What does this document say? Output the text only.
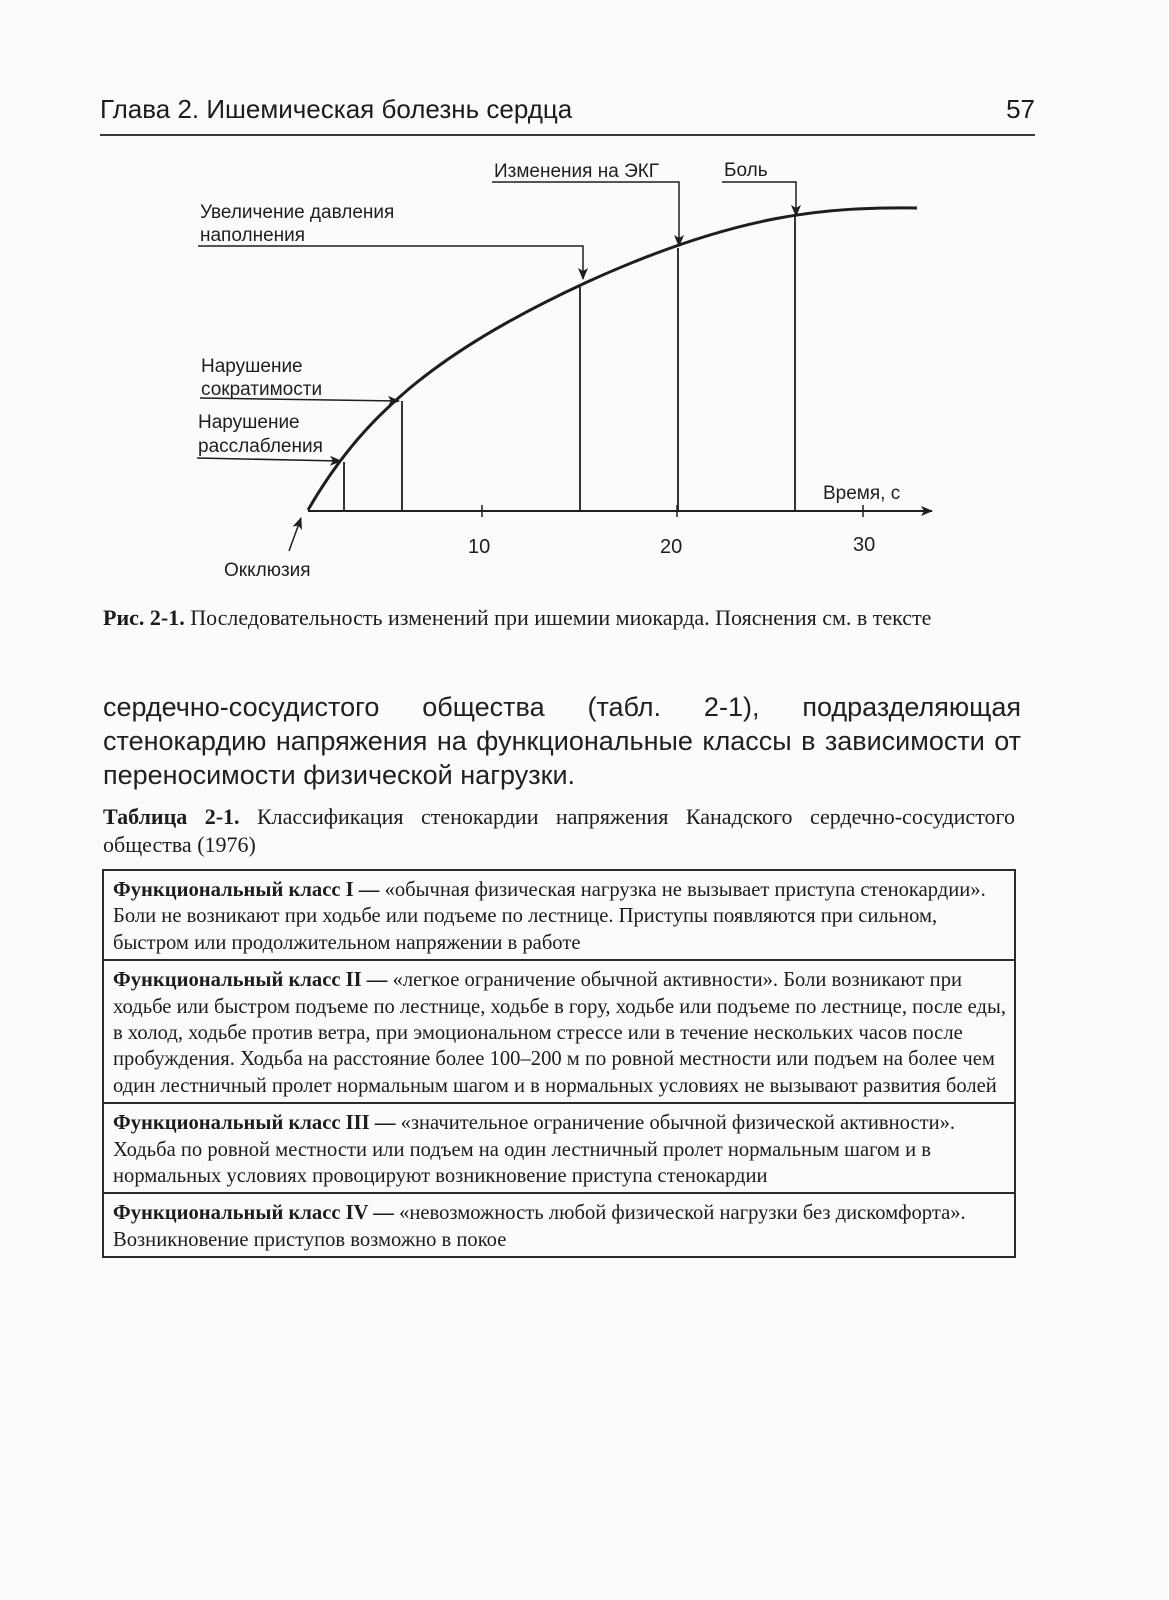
Глава 2. Ишемическая болезнь сердца	57
10	20	30
Время, с
Увеличение давления
наполнения
Изменения на ЭКГ	Боль
Нарушение
сократимости
Нарушение
расслабления
Окклюзия
Рис. 2-1. Последовательность изменений при ишемии миокарда. Пояснения см. в тексте
сердечно-сосудистого общества (табл. 2-1), подразделяющая стенокардию напряжения на функциональные классы в зависимости от переносимости физической нагрузки.
Таблица 2-1. Классификация стенокардии напряжения Канадского сердечно-сосудистого общества (1976)
Функциональный класс I — «обычная физическая нагрузка не вызывает приступа стенокардии». Боли не возникают при ходьбе или подъеме по лестнице. Приступы появляются при сильном, быстром или продолжительном напряжении в работе
Функциональный класс II — «легкое ограничение обычной активности». Боли возникают при ходьбе или быстром подъеме по лестнице, ходьбе в гору, ходьбе или подъеме по лестнице, после еды, в холод, ходьбе против ветра, при эмоциональном стрессе или в течение нескольких часов после пробуждения. Ходьба на расстояние более 100–200 м по ровной местности или подъем на более чем один лестничный пролет нормальным шагом и в нормальных условиях не вызывают развития болей
Функциональный класс III — «значительное ограничение обычной физической активности». Ходьба по ровной местности или подъем на один лестничный пролет нормальным шагом и в нормальных условиях провоцируют возникновение приступа стенокардии
Функциональный класс IV — «невозможность любой физической нагрузки без дискомфорта». Возникновение приступов возможно в покое
